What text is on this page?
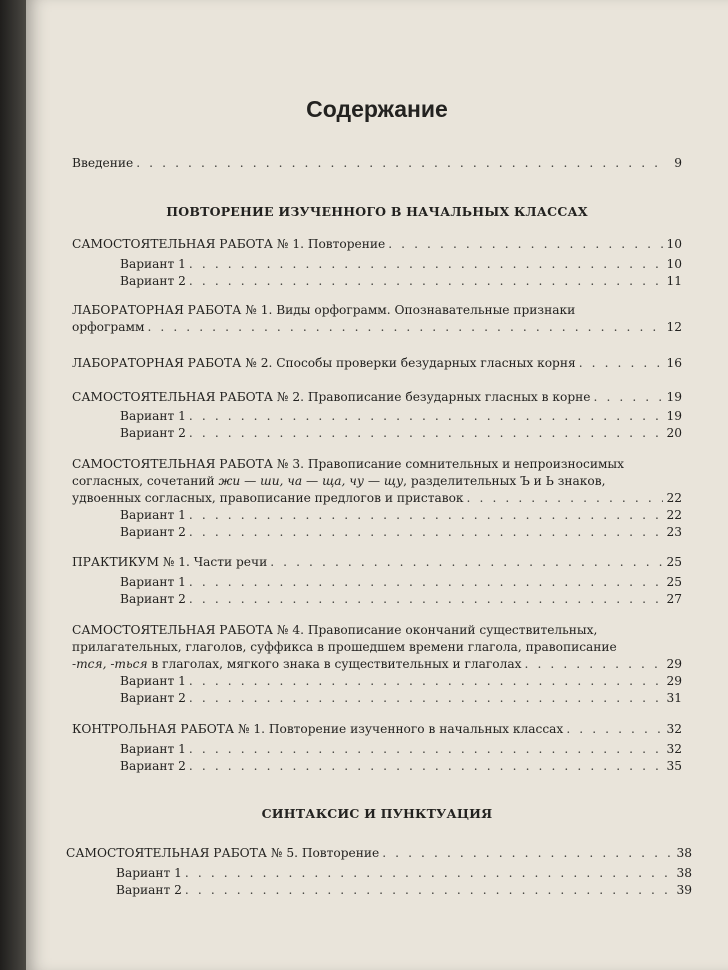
Содержание
Введение . . .	9
ПОВТОРЕНИЕ ИЗУЧЕННОГО В НАЧАЛЬНЫХ КЛАССАХ
САМОСТОЯТЕЛЬНАЯ РАБОТА № 1. Повторение . . .	10
Вариант 1 . . .	10
Вариант 2 . . .	11
ЛАБОРАТОРНАЯ РАБОТА № 1. Виды орфограмм. Опознавательные признаки
орфограмм . . .	12
ЛАБОРАТОРНАЯ РАБОТА № 2. Способы проверки безударных гласных корня . . .	16
САМОСТОЯТЕЛЬНАЯ РАБОТА № 2. Правописание безударных гласных в корне . . .	19
Вариант 1 . . .	19
Вариант 2 . . .	20
САМОСТОЯТЕЛЬНАЯ РАБОТА № 3. Правописание сомнительных и непроизносимых
согласных, сочетаний жи — ши, ча — ща, чу — щу, разделительных Ъ и Ь знаков,
удвоенных согласных, правописание предлогов и приставок . . .	22
Вариант 1 . . .	22
Вариант 2 . . .	23
ПРАКТИКУМ № 1. Части речи . . .	25
Вариант 1 . . .	25
Вариант 2 . . .	27
САМОСТОЯТЕЛЬНАЯ РАБОТА № 4. Правописание окончаний существительных,
прилагательных, глаголов, суффикса в прошедшем времени глагола, правописание
-тся, -ться в глаголах, мягкого знака в существительных и глаголах . . .	29
Вариант 1 . . .	29
Вариант 2 . . .	31
КОНТРОЛЬНАЯ РАБОТА № 1. Повторение изученного в начальных классах . . .	32
Вариант 1 . . .	32
Вариант 2 . . .	35
СИНТАКСИС И ПУНКТУАЦИЯ
САМОСТОЯТЕЛЬНАЯ РАБОТА № 5. Повторение . . .	38
Вариант 1 . . .	38
Вариант 2 . . .	39
